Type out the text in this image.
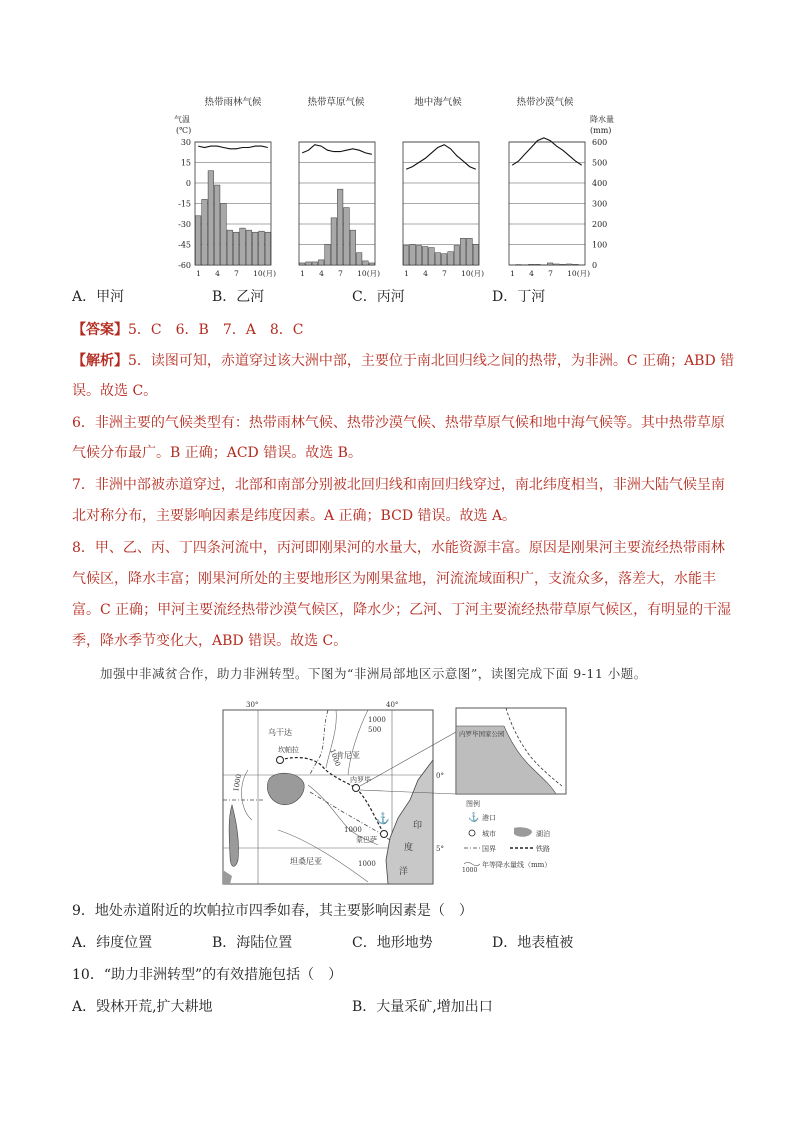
热带雨林气候	热带草原气候	地中海气候	热带沙漠气候
气温
(℃)
降水量
(mm)
30
15
0
-15
-30
-45
-60
600
500
400
300
200
100
0
1 4 7 10(月)	1 4 7 10(月)	1 4 7 10(月)	1 4 7 10(月)
A．甲河	B．乙河	C．丙河	D．丁河
【答案】5．C　6．B　7．A　8．C
【解析】5．读图可知，赤道穿过该大洲中部，主要位于南北回归线之间的热带，为非洲。C 正确；ABD 错
误。故选 C。
6．非洲主要的气候类型有：热带雨林气候、热带沙漠气候、热带草原气候和地中海气候等。其中热带草原
气候分布最广。B 正确；ACD 错误。故选 B。
7．非洲中部被赤道穿过，北部和南部分别被北回归线和南回归线穿过，南北纬度相当，非洲大陆气候呈南
北对称分布，主要影响因素是纬度因素。A 正确；BCD 错误。故选 A。
8．甲、乙、丙、丁四条河流中，丙河即刚果河的水量大，水能资源丰富。原因是刚果河主要流经热带雨林
气候区，降水丰富；刚果河所处的主要地形区为刚果盆地，河流流域面积广，支流众多，落差大，水能丰
富。C 正确；甲河主要流经热带沙漠气候区，降水少；乙河、丁河主要流经热带草原气候区，有明显的干湿
季，降水季节变化大，ABD 错误。故选 C。
加强中非减贫合作，助力非洲转型。下图为“非洲局部地区示意图”，读图完成下面 9-11 小题。
30°	40°
0°
5°
1000
500
1000
1000
1000
1000
⚓
乌干达
肯尼亚
坦桑尼亚
坎帕拉
内罗毕
蒙巴萨
印
度
洋
内罗毕国家公园
图例
⚓ 港口
城市	湖泊
国界	铁路
1000
年等降水量线（mm）
9．地处赤道附近的坎帕拉市四季如春，其主要影响因素是（　）
A．纬度位置	B．海陆位置	C．地形地势	D．地表植被
10．“助力非洲转型”的有效措施包括（　）
A．毁林开荒,扩大耕地	B．大量采矿,增加出口
